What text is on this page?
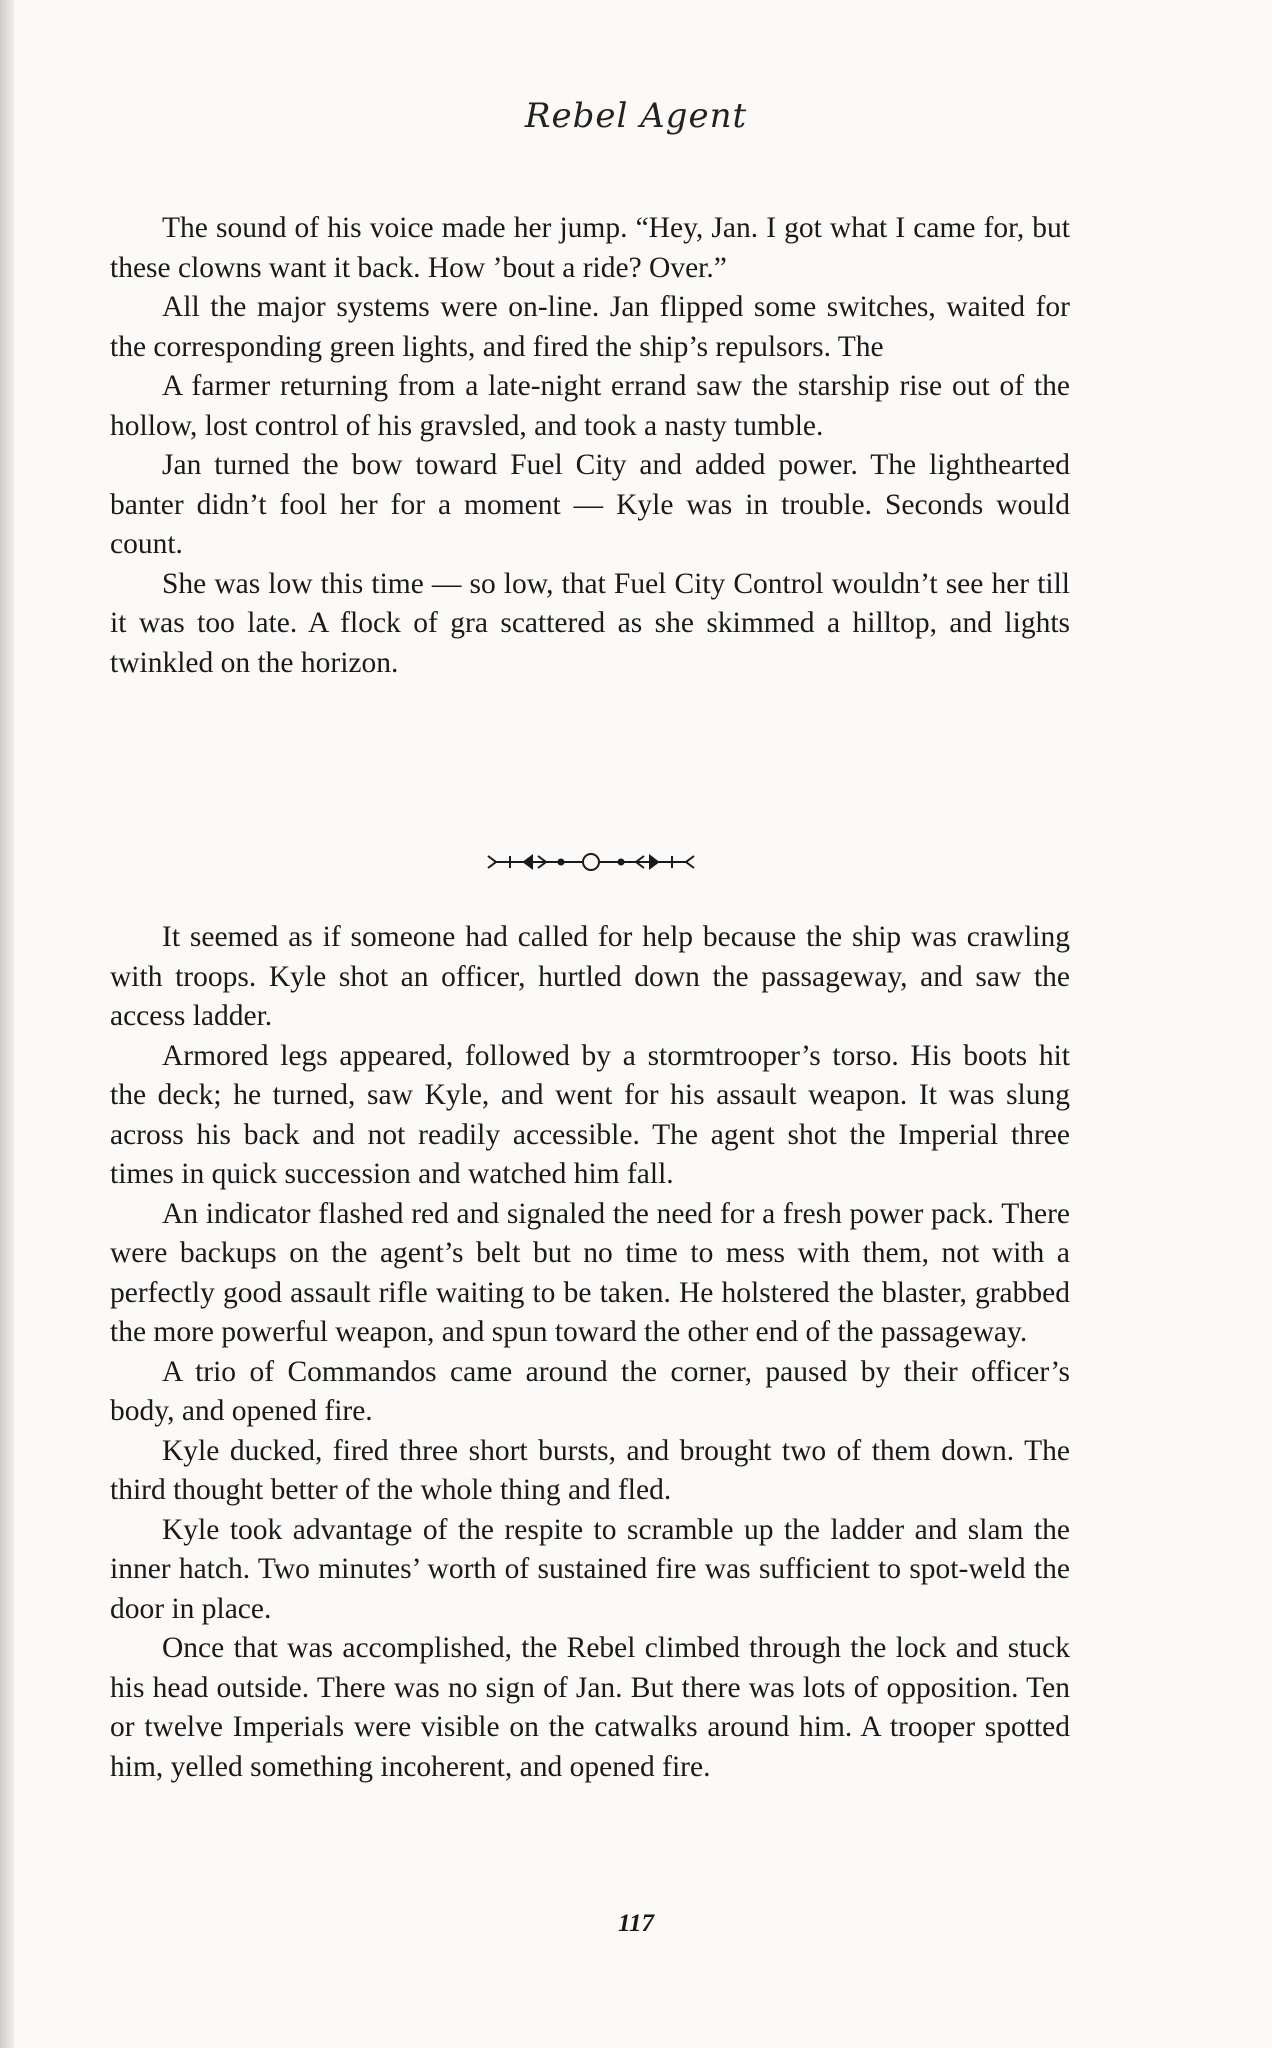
Rebel Agent

The sound of his voice made her jump. “Hey, Jan. I got what I came for, but these clowns want it back. How ’bout a ride? Over.”

All the major systems were on-line. Jan flipped some switches, waited for the corresponding green lights, and fired the ship’s repulsors. The

A farmer returning from a late-night errand saw the starship rise out of the hollow, lost control of his gravsled, and took a nasty tumble.

Jan turned the bow toward Fuel City and added power. The lighthearted banter didn’t fool her for a moment — Kyle was in trouble. Seconds would count.

She was low this time — so low, that Fuel City Control wouldn’t see her till it was too late. A flock of gra scattered as she skimmed a hilltop, and lights twinkled on the horizon.

It seemed as if someone had called for help because the ship was crawling with troops. Kyle shot an officer, hurtled down the passageway, and saw the access ladder.

Armored legs appeared, followed by a stormtrooper’s torso. His boots hit the deck; he turned, saw Kyle, and went for his assault weapon. It was slung across his back and not readily accessible. The agent shot the Imperial three times in quick succession and watched him fall.

An indicator flashed red and signaled the need for a fresh power pack. There were backups on the agent’s belt but no time to mess with them, not with a perfectly good assault rifle waiting to be taken. He holstered the blaster, grabbed the more powerful weapon, and spun toward the other end of the passageway.

A trio of Commandos came around the corner, paused by their officer’s body, and opened fire.

Kyle ducked, fired three short bursts, and brought two of them down. The third thought better of the whole thing and fled.

Kyle took advantage of the respite to scramble up the ladder and slam the inner hatch. Two minutes’ worth of sustained fire was sufficient to spot-weld the door in place.

Once that was accomplished, the Rebel climbed through the lock and stuck his head outside. There was no sign of Jan. But there was lots of opposition. Ten or twelve Imperials were visible on the catwalks around him. A trooper spotted him, yelled something incoherent, and opened fire.

117
